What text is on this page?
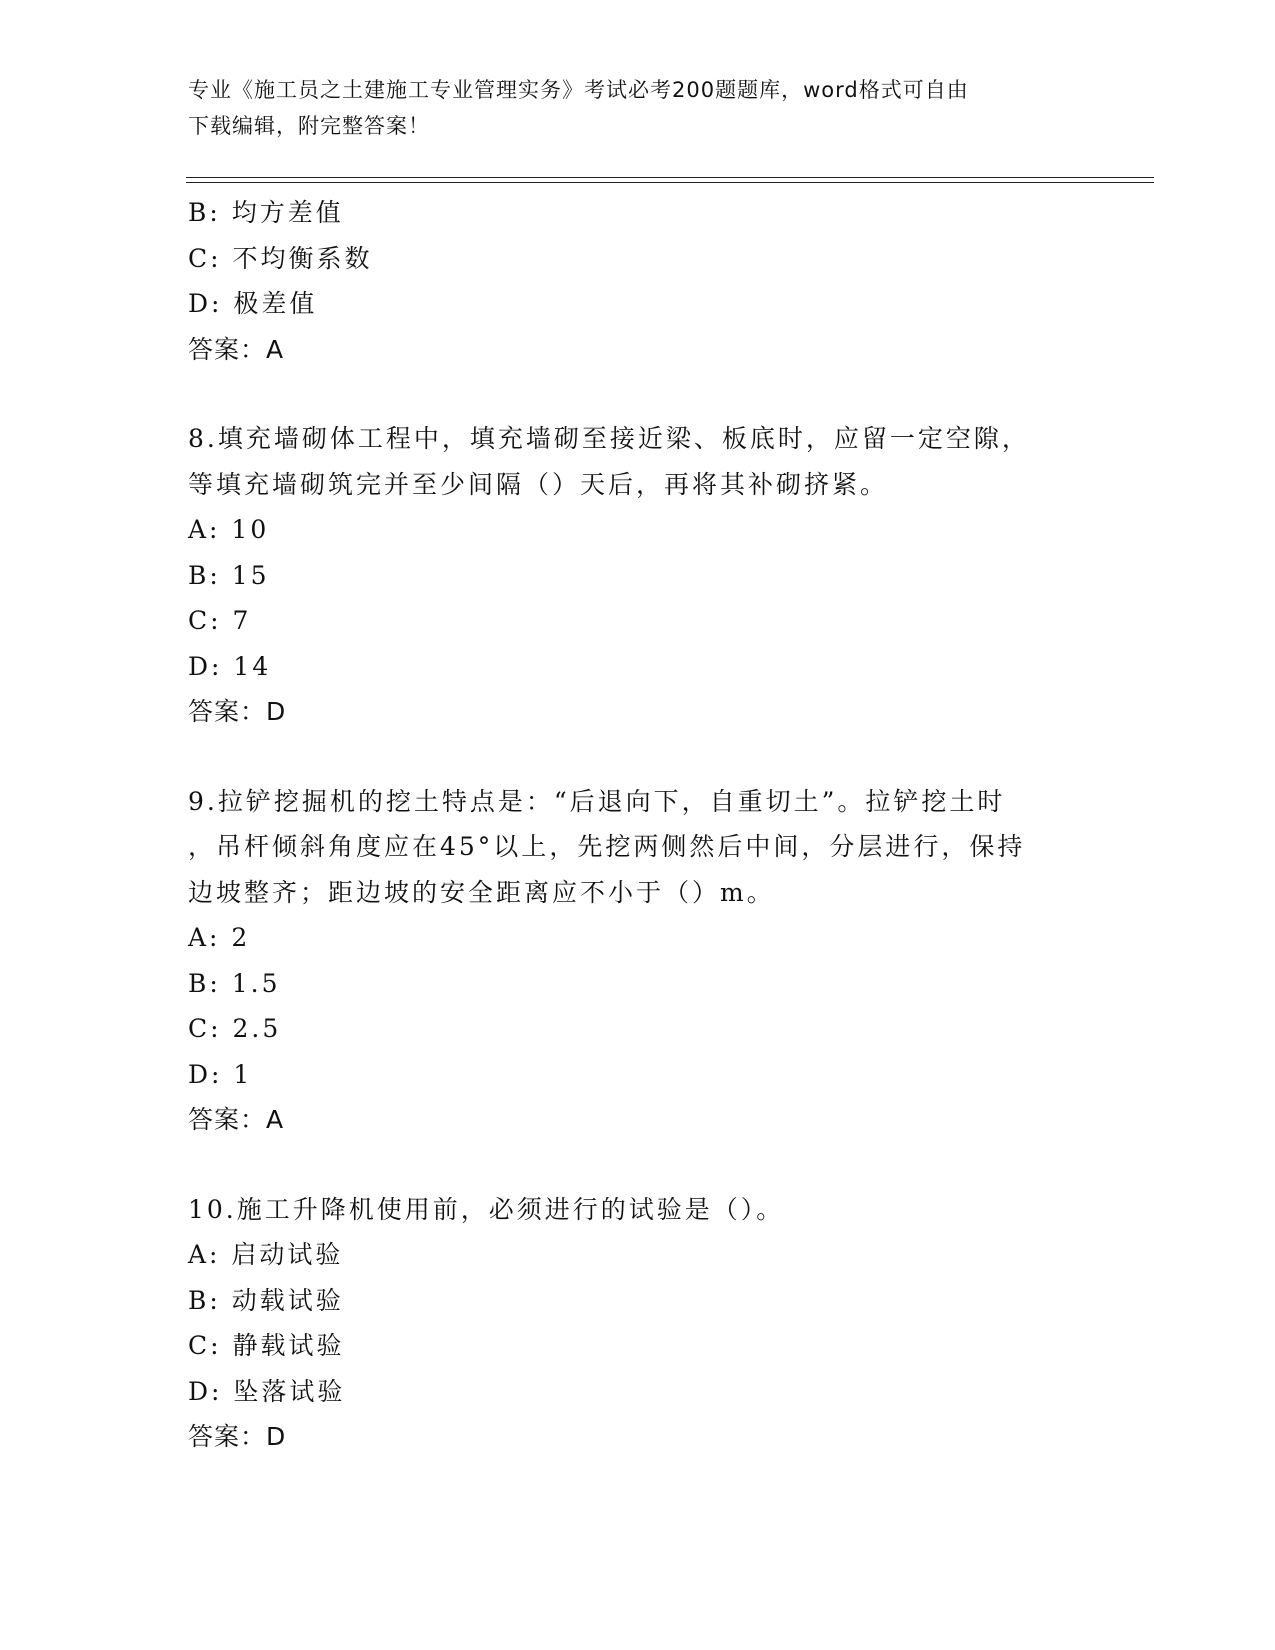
专业《施工员之土建施工专业管理实务》考试必考200题题库，word格式可自由
下载编辑，附完整答案！
B: 均方差值
C: 不均衡系数
D: 极差值
答案：A
8.填充墙砌体工程中，填充墙砌至接近梁、板底时，应留一定空隙，
等填充墙砌筑完并至少间隔（）天后，再将其补砌挤紧。
A: 10
B: 15
C: 7
D: 14
答案：D
9.拉铲挖掘机的挖土特点是：“后退向下，自重切土”。拉铲挖土时
，吊杆倾斜角度应在45°以上，先挖两侧然后中间，分层进行，保持
边坡整齐；距边坡的安全距离应不小于（）m。
A: 2
B: 1.5
C: 2.5
D: 1
答案：A
10.施工升降机使用前，必须进行的试验是（）。
A: 启动试验
B: 动载试验
C: 静载试验
D: 坠落试验
答案：D
